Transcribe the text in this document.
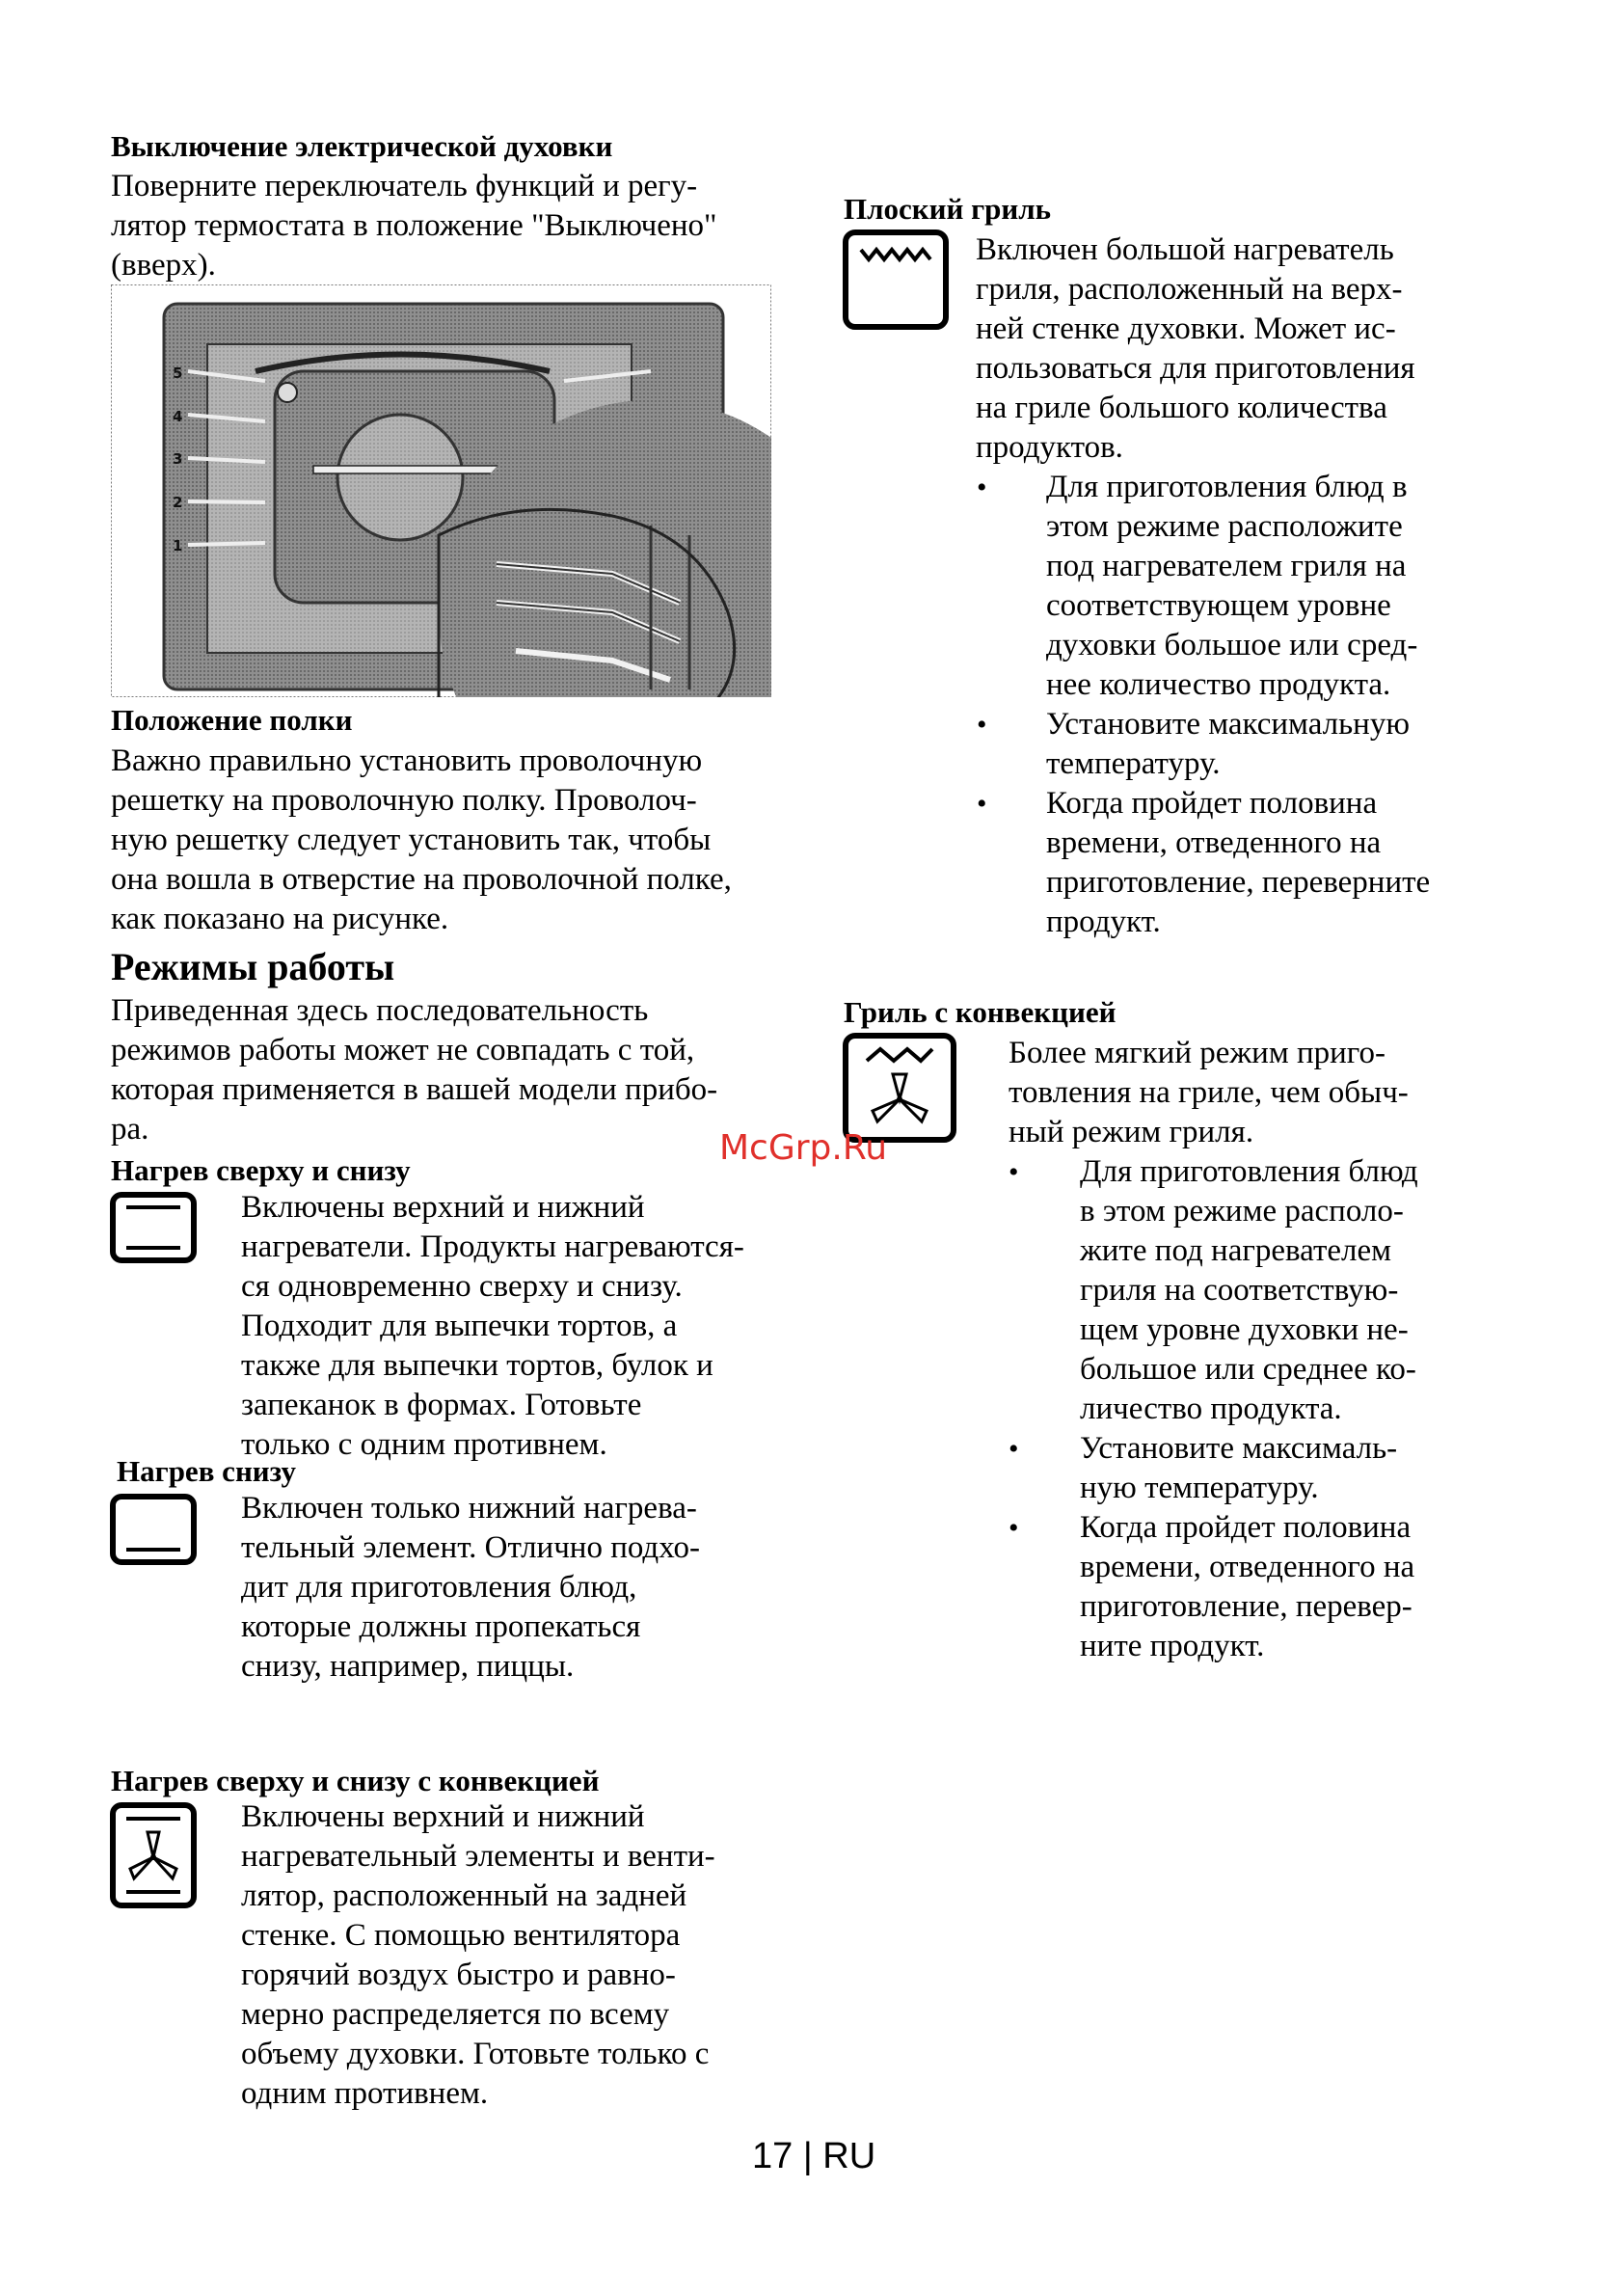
Выключение электрической духовки
Поверните переключатель функций и регу-
лятор термостата в положение "Выключено"
(вверх).
5
4
3
2
1
Положение полки
Важно правильно установить проволочную
решетку на проволочную полку. Проволоч-
ную решетку следует установить так, чтобы
она вошла в отверстие на проволочной полке,
как показано на рисунке.
Режимы работы
Приведенная здесь последовательность
режимов работы может не совпадать с той,
которая применяется в вашей модели прибо-
ра.
Нагрев сверху и снизу
Включены верхний и нижний
нагреватели. Продукты нагреваются-
ся одновременно сверху и снизу.
Подходит для выпечки тортов, а
также для выпечки тортов, булок и
запеканок в формах. Готовьте
только с одним противнем.
Нагрев снизу
Включен только нижний нагрева-
тельный элемент. Отлично подхо-
дит для приготовления блюд,
которые должны пропекаться
снизу, например, пиццы.
Нагрев сверху и снизу с конвекцией
Включены верхний и нижний
нагревательный элементы и венти-
лятор, расположенный на задней
стенке. С помощью вентилятора
горячий воздух быстро и равно-
мерно распределяется по всему
объему духовки. Готовьте только с
одним противнем.
Плоский гриль
Включен большой нагреватель
гриля, расположенный на верх-
ней стенке духовки. Может ис-
пользоваться для приготовления
на гриле большого количества
продуктов.
• Для приготовления блюд в
этом режиме расположите
под нагревателем гриля на
соответствующем уровне
духовки большое или сред-
нее количество продукта.
• Установите максимальную
температуру.
• Когда пройдет половина
времени, отведенного на
приготовление, переверните
продукт.
Гриль с конвекцией
Более мягкий режим приго-
товления на гриле, чем обыч-
ный режим гриля.
• Для приготовления блюд
в этом режиме располо-
жите под нагревателем
гриля на соответствую-
щем уровне духовки не-
большое или среднее ко-
личество продукта.
• Установите максималь-
ную температуру.
• Когда пройдет половина
времени, отведенного на
приготовление, перевер-
ните продукт.
McGrp.Ru
17 | RU
